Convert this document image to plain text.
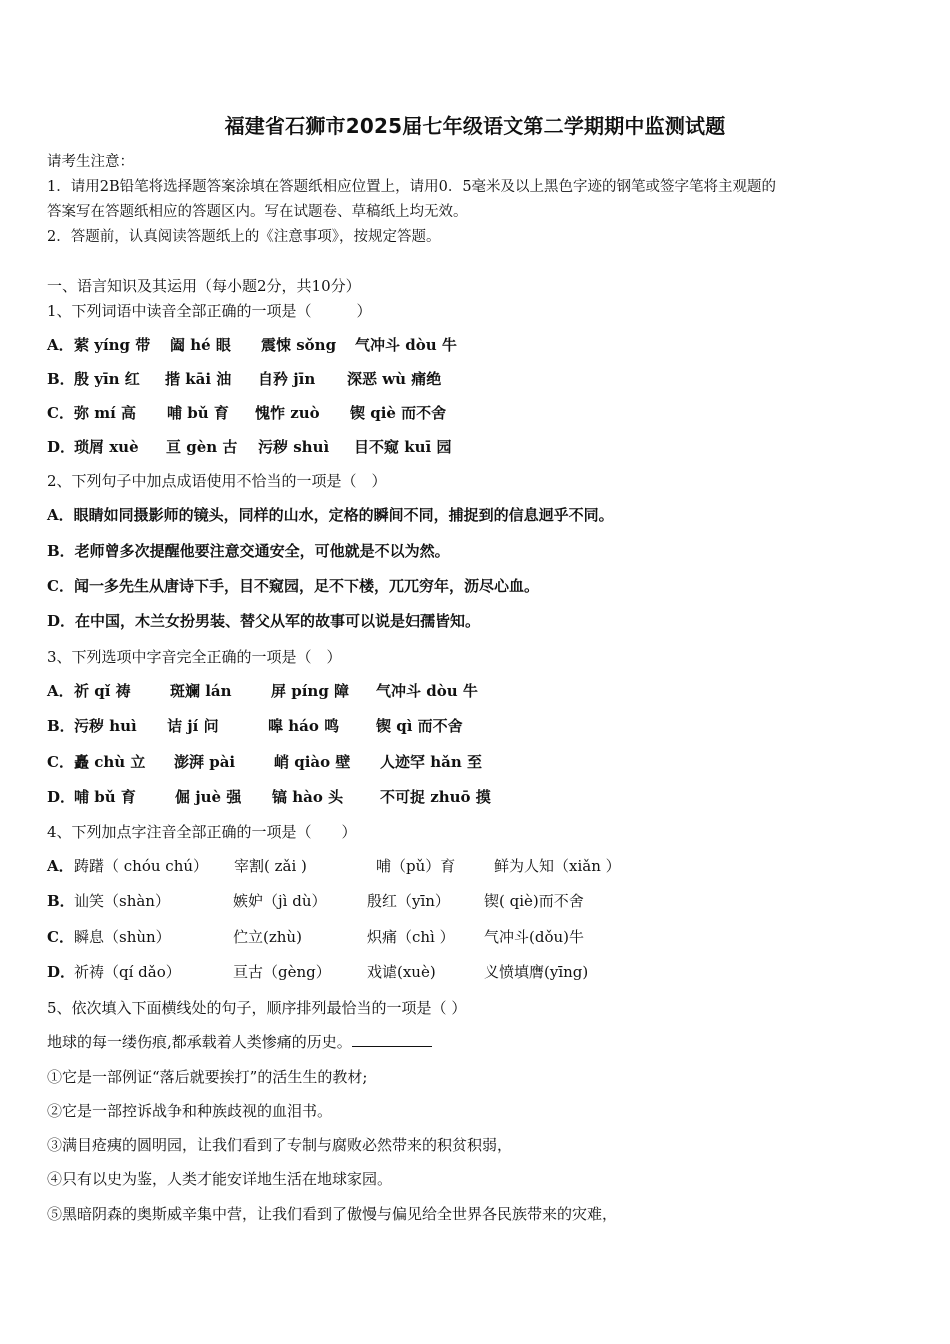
福建省石狮市2025届七年级语文第二学期期中监测试题
请考生注意：
1．请用2B铅笔将选择题答案涂填在答题纸相应位置上，请用0．5毫米及以上黑色字迹的钢笔或签字笔将主观题的
答案写在答题纸相应的答题区内。写在试题卷、草稿纸上均无效。
2．答题前，认真阅读答题纸上的《注意事项》，按规定答题。
一、语言知识及其运用（每小题2分，共10分）
1、下列词语中读音全部正确的一项是（　　　）
A． 萦 yíng 带 阖 hé 眼 震悚 sǒng 气冲斗 dòu 牛
B． 殷 yīn 红 揩 kāi 油 自矜 jīn 深恶 wù 痛绝
C． 弥 mí 高 哺 bǔ 育 愧怍 zuò 锲 qiè 而不舍
D．
琐屑 xuè 亘 gèn 古 污秽 shuì 目不窥 kuī 园
2、下列句子中加点成语使用不恰当的一项是（　）
A．眼睛如同摄影师的镜头，同样的山水，定格的瞬间不同，捕捉到的信息迥乎不同。
B．老师曾多次提醒他要注意交通安全，可他就是不以为然。
C．闻一多先生从唐诗下手，目不窥园，足不下楼，兀兀穷年，沥尽心血。
D．在中国，木兰女扮男装、替父从军的故事可以说是妇孺皆知。
3、下列选项中字音完全正确的一项是（　）
A． 祈 qǐ 祷	斑斓 lán	屏 píng 障 气冲斗 dòu 牛
B． 污秽 huì 诘 jí 问	嗥 háo 鸣 锲 qì 而不舍
C． 矗 chù 立 澎湃 pài	峭 qiào 壁 人迹罕 hǎn 至
D．
哺 bǔ 育	倔 juè 强 镐 hào 头 不可捉 zhuō 摸
4、下列加点字注音全部正确的一项是（　　）
A． 踌躇（ chóu chú） 宰割( zǎi )	哺（pǔ）育	鲜为人知（xiǎn ）
B． 讪笑（shàn）	嫉妒（jì dù）	殷红（yīn） 锲( qiè)而不舍
C． 瞬息（shùn）	伫立(zhù)	炽痛（chì ） 气冲斗(dǒu)牛
D．
祈祷（qí dǎo）	亘古（gèng） 戏谑(xuè)	义愤填膺(yīng)
5、依次填入下面横线处的句子，顺序排列最恰当的一项是（ ）
地球的每一缕伤痕,都承载着人类惨痛的历史。
①它是一部例证“落后就要挨打”的活生生的教材;
②它是一部控诉战争和种族歧视的血泪书。
③满目疮痍的圆明园，让我们看到了专制与腐败必然带来的积贫积弱，
④只有以史为鉴，人类才能安详地生活在地球家园。
⑤黑暗阴森的奥斯威辛集中营，让我们看到了傲慢与偏见给全世界各民族带来的灾难，
